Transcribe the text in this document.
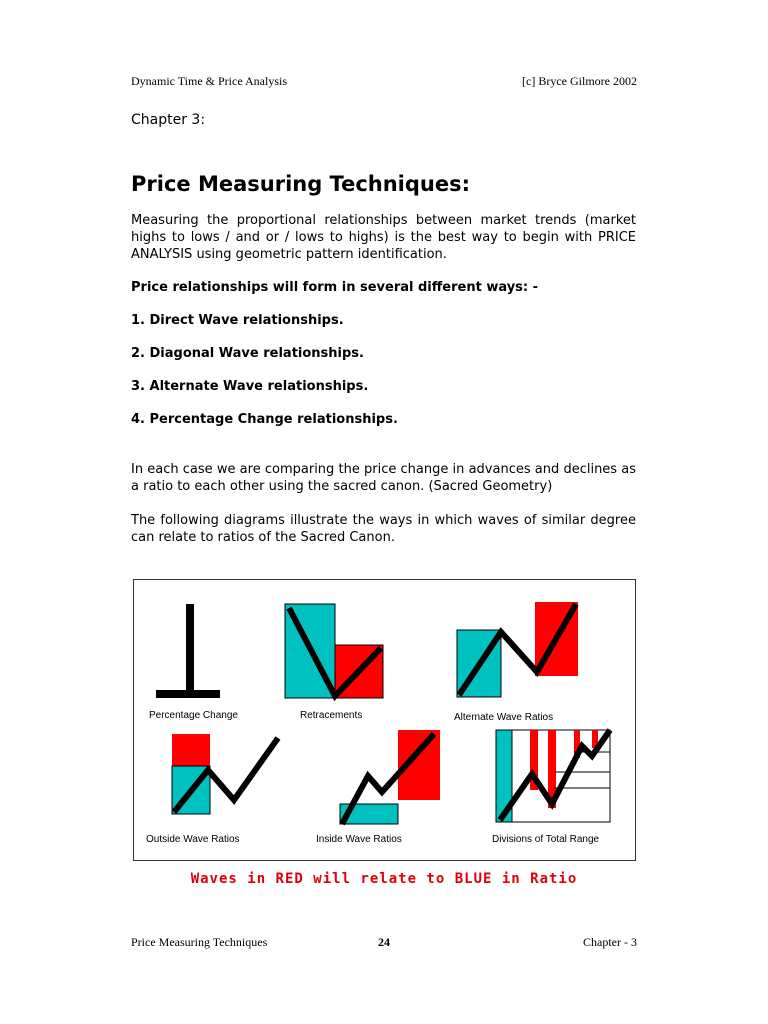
Dynamic Time & Price Analysis	[c] Bryce Gilmore 2002
Chapter 3:
Price Measuring Techniques:

Measuring the proportional relationships between market trends (market highs to lows / and or / lows to highs) is the best way to begin with PRICE ANALYSIS using geometric pattern identification.

Price relationships will form in several different ways: -
1. Direct Wave relationships.
2. Diagonal Wave relationships.
3. Alternate Wave relationships.
4. Percentage Change relationships.

In each case we are comparing the price change in advances and declines as a ratio to each other using the sacred canon. (Sacred Geometry)

The following diagrams illustrate the ways in which waves of similar degree can relate to ratios of the Sacred Canon.

Percentage Change	Retracements	Alternate Wave Ratios
Outside Wave Ratios	Inside Wave Ratios	Divisions of Total Range
Waves in RED will relate to BLUE in Ratio
Price Measuring Techniques	24	Chapter - 3
